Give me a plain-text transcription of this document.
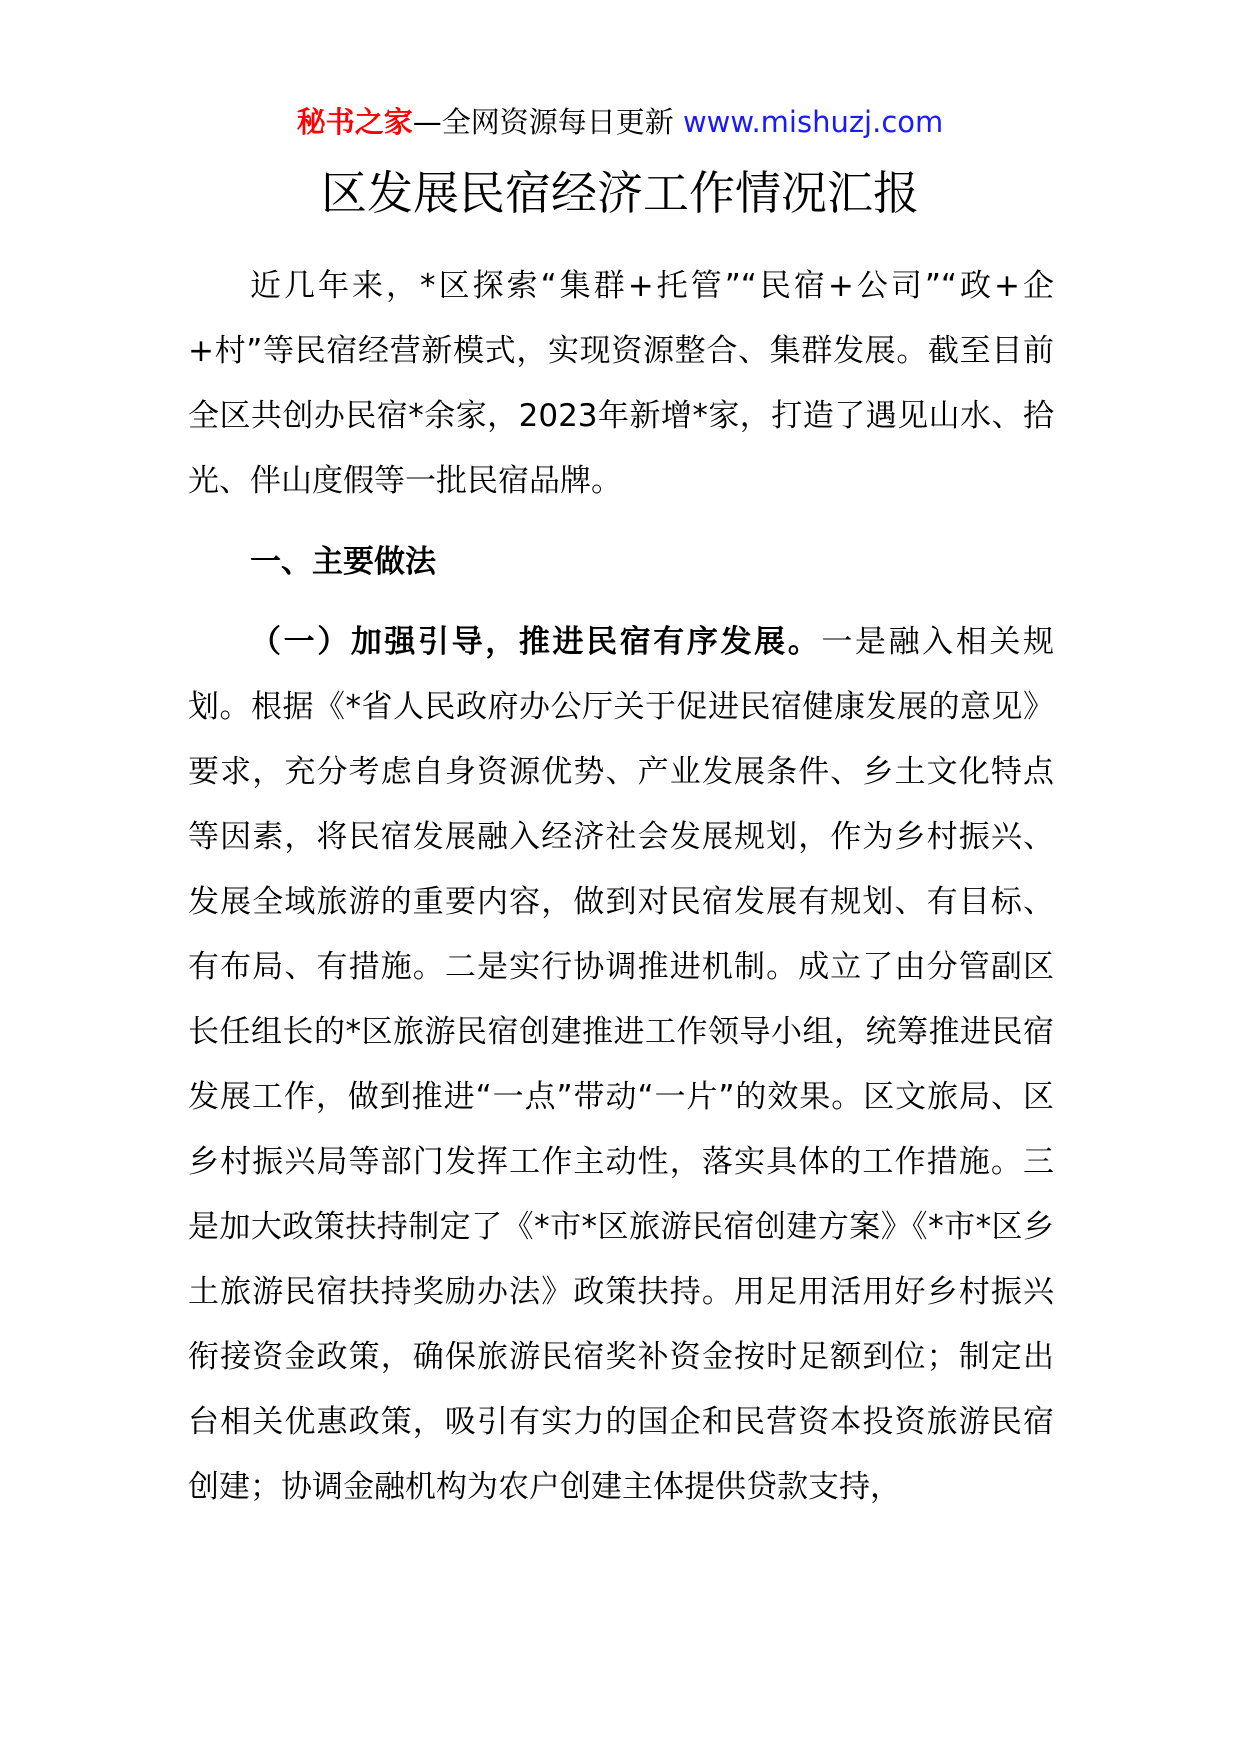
秘书之家—全网资源每日更新 www.mishuzj.com
区发展民宿经济工作情况汇报

近几年来，*区探索“集群+托管”“民宿+公司”“政+企+村”等民宿经营新模式，实现资源整合、集群发展。截至目前全区共创办民宿*余家，2023年新增*家，打造了遇见山水、拾光、伴山度假等一批民宿品牌。

一、主要做法

（一）加强引导，推进民宿有序发展。一是融入相关规划。根据《*省人民政府办公厅关于促进民宿健康发展的意见》要求，充分考虑自身资源优势、产业发展条件、乡土文化特点等因素，将民宿发展融入经济社会发展规划，作为乡村振兴、发展全域旅游的重要内容，做到对民宿发展有规划、有目标、有布局、有措施。二是实行协调推进机制。成立了由分管副区长任组长的*区旅游民宿创建推进工作领导小组，统筹推进民宿发展工作，做到推进“一点”带动“一片”的效果。区文旅局、区乡村振兴局等部门发挥工作主动性，落实具体的工作措施。三是加大政策扶持制定了《*市*区旅游民宿创建方案》《*市*区乡土旅游民宿扶持奖励办法》政策扶持。用足用活用好乡村振兴衔接资金政策，确保旅游民宿奖补资金按时足额到位；制定出台相关优惠政策，吸引有实力的国企和民营资本投资旅游民宿创建；协调金融机构为农户创建主体提供贷款支持，
